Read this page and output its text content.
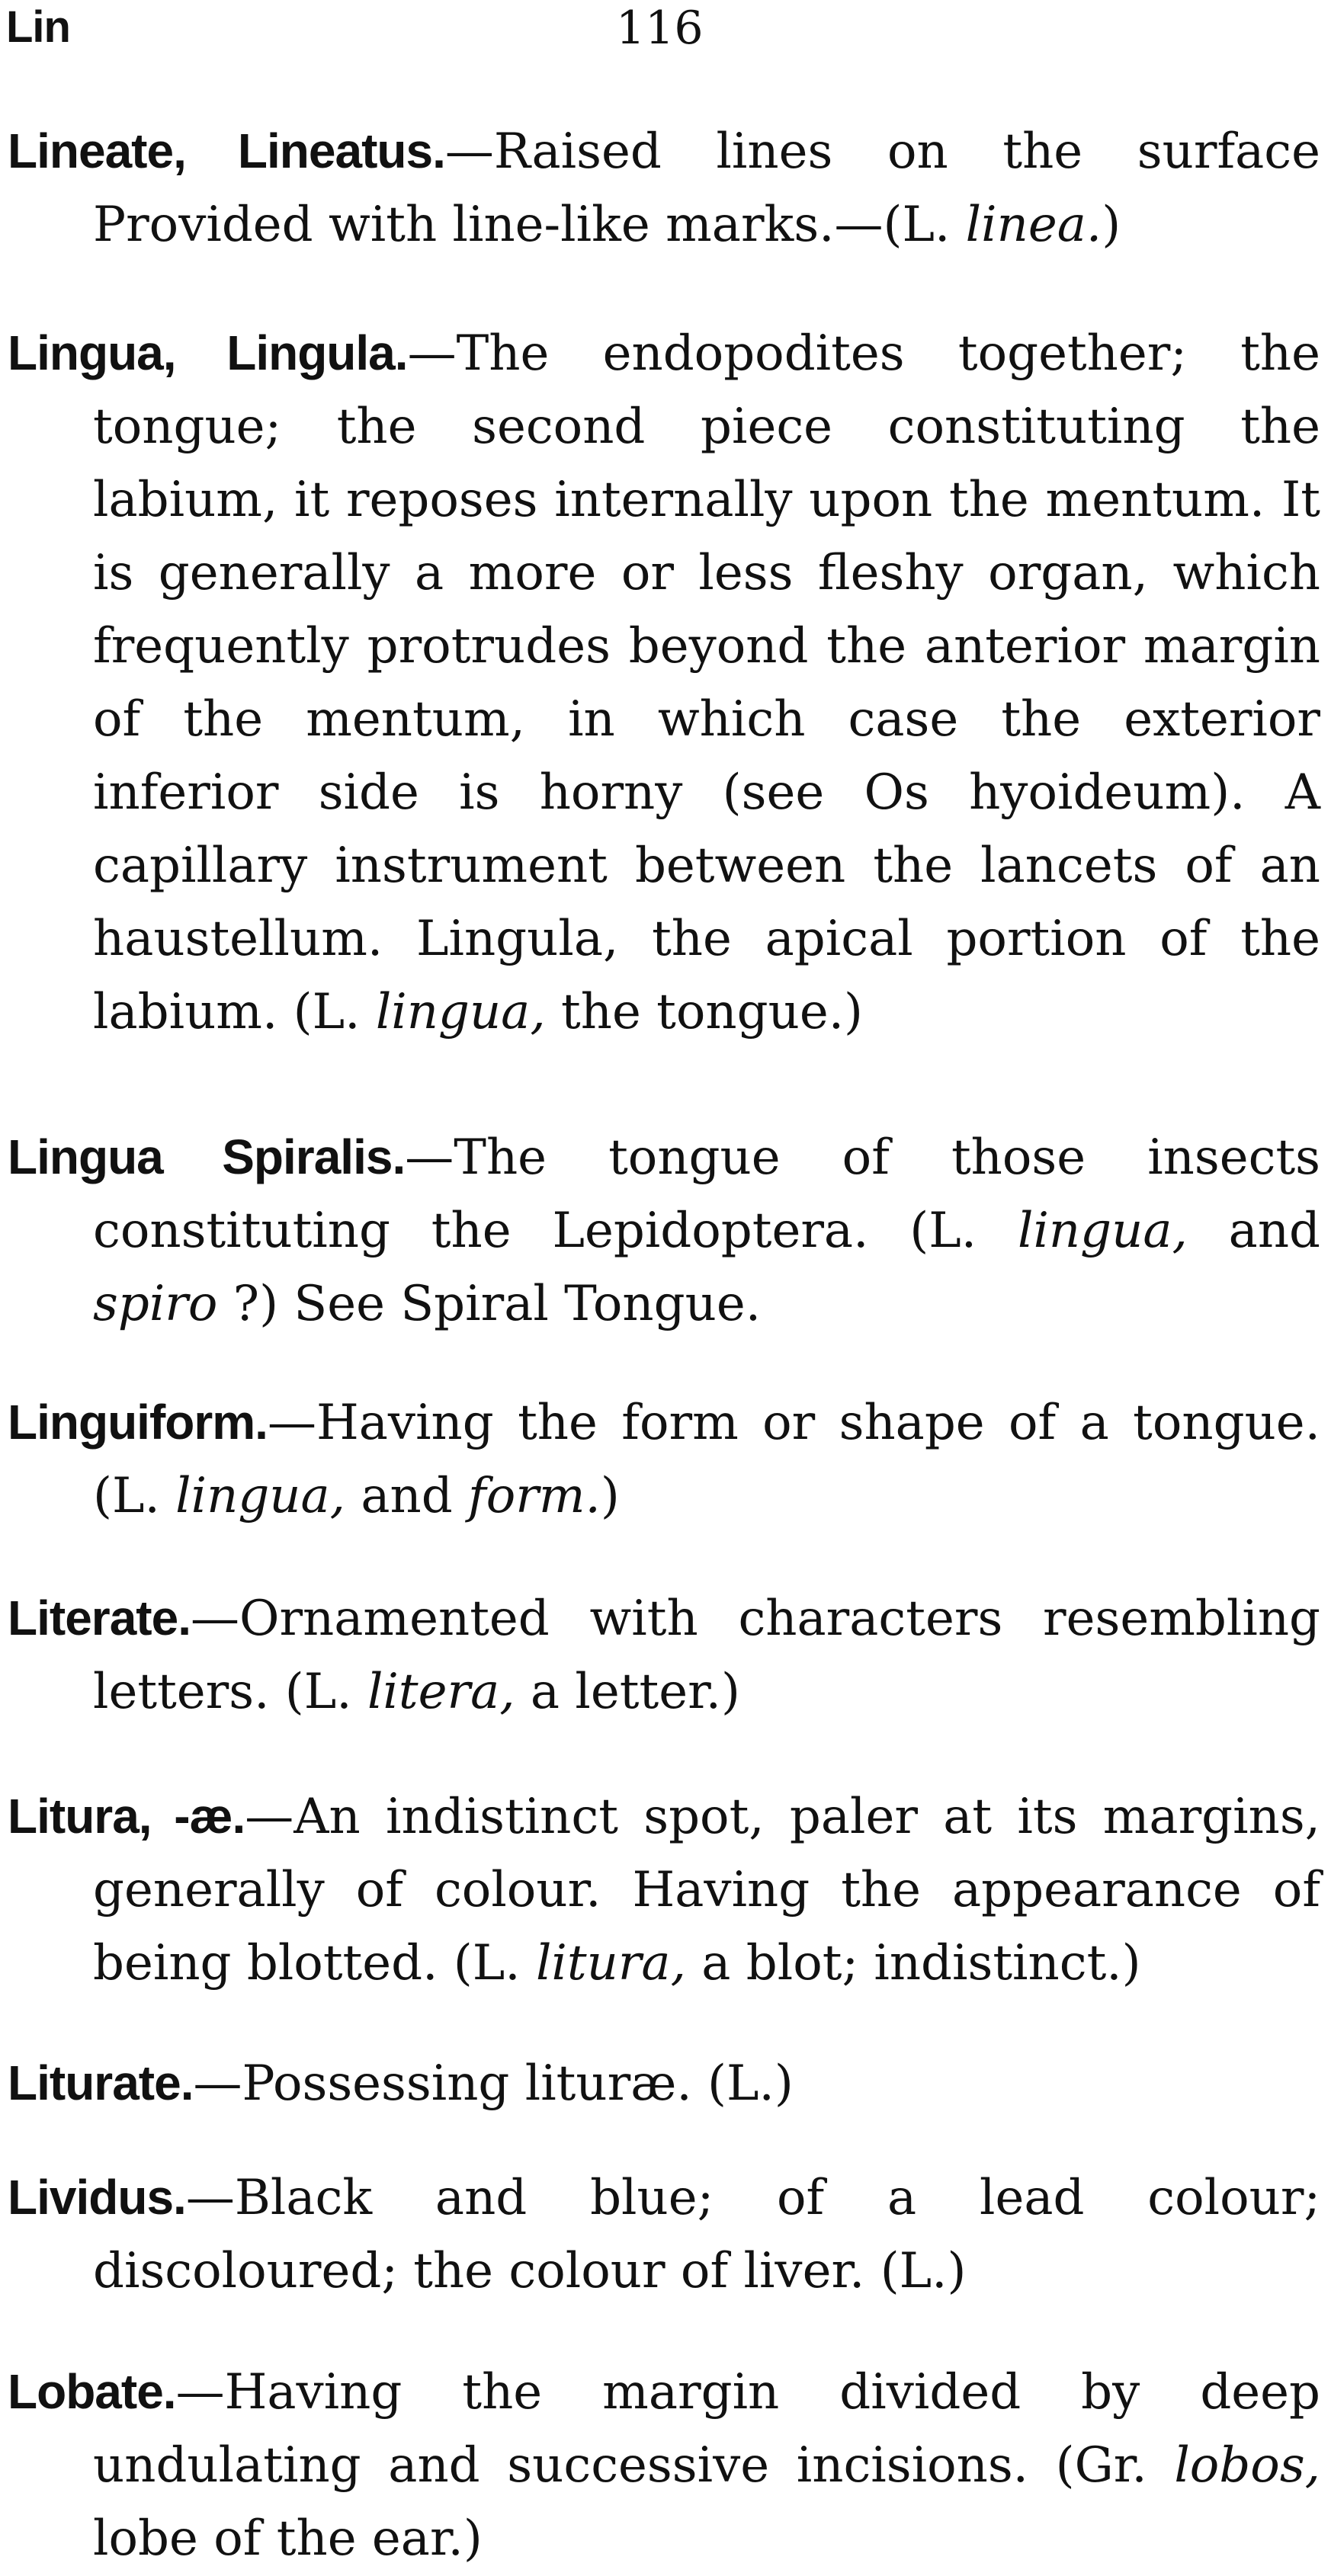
Lin	116
Lineate, Lineatus.—Raised lines on the surface Provided with line-like marks.—(L. linea.)
Lingua, Lingula.—The endopodites together; the tongue; the second piece constituting the labium, it reposes internally upon the mentum. It is generally a more or less fleshy organ, which frequently protrudes beyond the anterior margin of the mentum, in which case the exterior inferior side is horny (see Os hyoideum). A capillary instrument between the lancets of an haustellum. Lingula, the apical portion of the labium. (L. lingua, the tongue.)
Lingua Spiralis.—The tongue of those insects constituting the Lepidoptera. (L. lingua, and spiro ?) See Spiral Tongue.
Linguiform.—Having the form or shape of a tongue. (L. lingua, and form.)
Literate.—Ornamented with characters resembling letters. (L. litera, a letter.)
Litura, -æ.—An indistinct spot, paler at its margins, generally of colour. Having the appearance of being blotted. (L. litura, a blot; indistinct.)
Liturate.—Possessing lituræ. (L.)
Lividus.—Black and blue; of a lead colour; discoloured; the colour of liver. (L.)
Lobate.—Having the margin divided by deep undulating and successive incisions. (Gr. lobos, lobe of the ear.)
